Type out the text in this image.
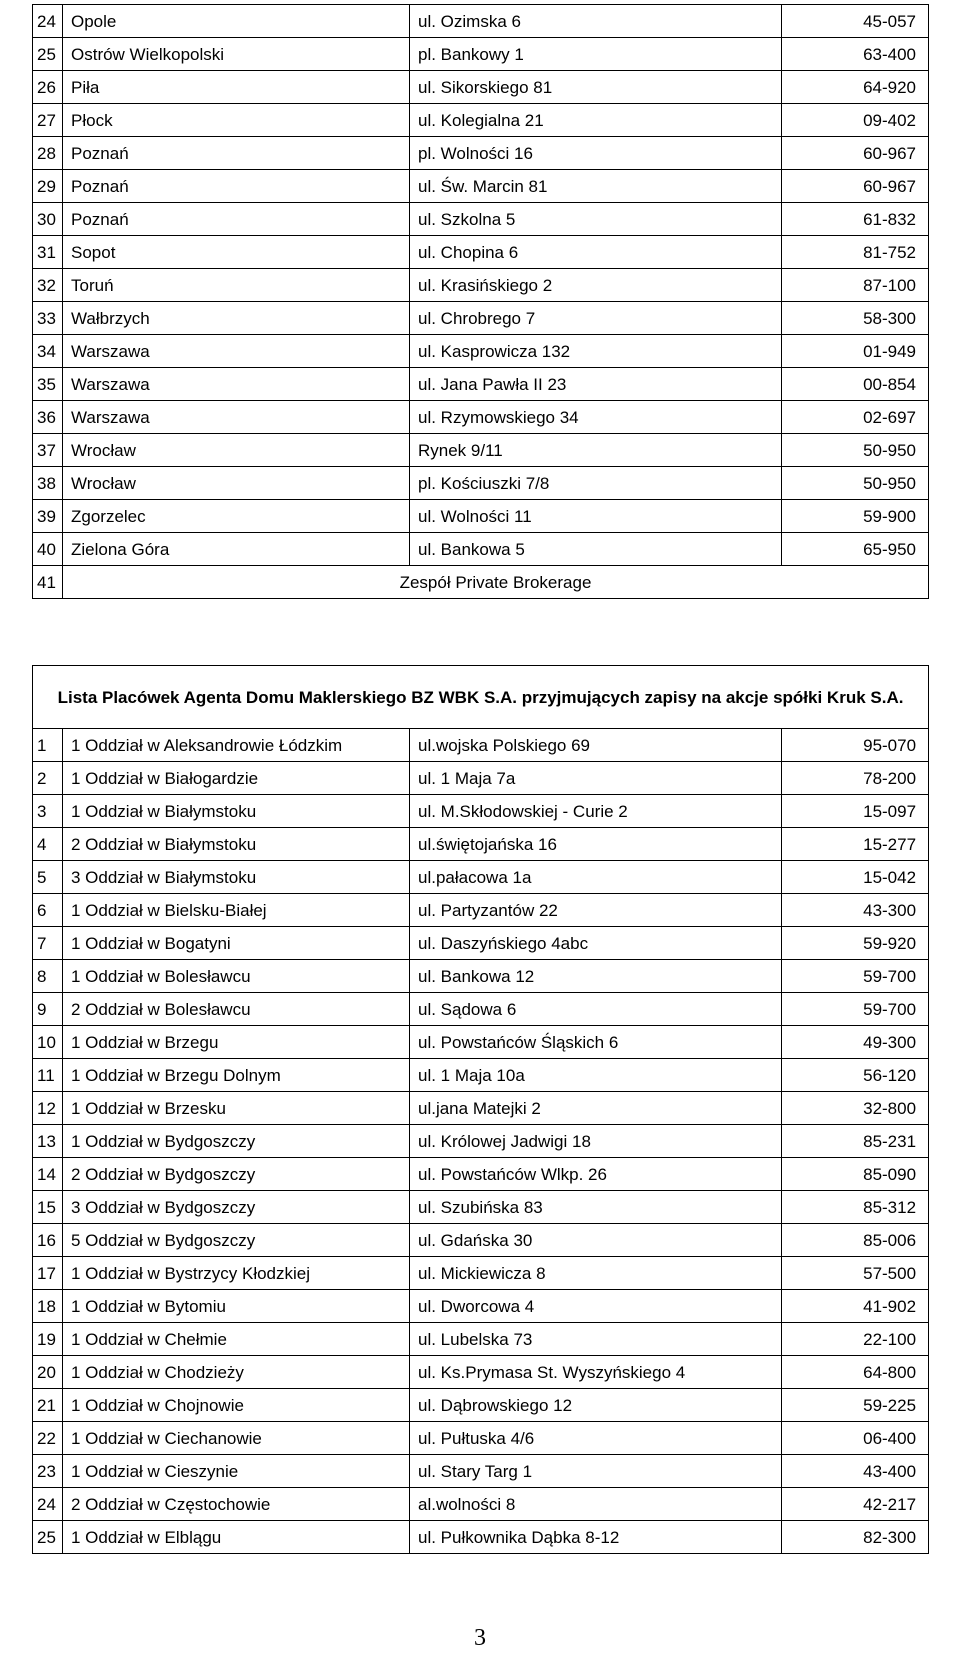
24	Opole	ul. Ozimska 6	45-057
25	Ostrów Wielkopolski	pl. Bankowy 1	63-400
26	Piła	ul. Sikorskiego 81	64-920
27	Płock	ul. Kolegialna 21	09-402
28	Poznań	pl. Wolności 16	60-967
29	Poznań	ul. Św. Marcin 81	60-967
30	Poznań	ul. Szkolna 5	61-832
31	Sopot	ul. Chopina 6	81-752
32	Toruń	ul. Krasińskiego 2	87-100
33	Wałbrzych	ul. Chrobrego 7	58-300
34	Warszawa	ul. Kasprowicza 132	01-949
35	Warszawa	ul. Jana Pawła II 23	00-854
36	Warszawa	ul. Rzymowskiego 34	02-697
37	Wrocław	Rynek 9/11	50-950
38	Wrocław	pl. Kościuszki 7/8	50-950
39	Zgorzelec	ul. Wolności 11	59-900
40	Zielona Góra	ul. Bankowa 5	65-950
41	Zespół Private Brokerage		
Lista Placówek Agenta Domu Maklerskiego BZ WBK S.A. przyjmujących zapisy na akcje spółki Kruk S.A.			
1	1 Oddział w Aleksandrowie Łódzkim	ul.wojska Polskiego 69	95-070
2	1 Oddział w Białogardzie	ul. 1 Maja 7a	78-200
3	1 Oddział w Białymstoku	ul. M.Skłodowskiej - Curie 2	15-097
4	2 Oddział w Białymstoku	ul.świętojańska 16	15-277
5	3 Oddział w Białymstoku	ul.pałacowa 1a	15-042
6	1 Oddział w Bielsku-Białej	ul. Partyzantów 22	43-300
7	1 Oddział w Bogatyni	ul. Daszyńskiego 4abc	59-920
8	1 Oddział w Bolesławcu	ul. Bankowa 12	59-700
9	2 Oddział w Bolesławcu	ul. Sądowa 6	59-700
10	1 Oddział w Brzegu	ul. Powstańców Śląskich 6	49-300
11	1 Oddział w Brzegu Dolnym	ul. 1 Maja 10a	56-120
12	1 Oddział w Brzesku	ul.jana Matejki 2	32-800
13	1 Oddział w Bydgoszczy	ul. Królowej Jadwigi 18	85-231
14	2 Oddział w Bydgoszczy	ul. Powstańców Wlkp. 26	85-090
15	3 Oddział w Bydgoszczy	ul. Szubińska 83	85-312
16	5 Oddział w Bydgoszczy	ul. Gdańska 30	85-006
17	1 Oddział w Bystrzycy Kłodzkiej	ul. Mickiewicza 8	57-500
18	1 Oddział w Bytomiu	ul. Dworcowa 4	41-902
19	1 Oddział w Chełmie	ul. Lubelska 73	22-100
20	1 Oddział w Chodzieży	ul. Ks.Prymasa St. Wyszyńskiego 4	64-800
21	1 Oddział w Chojnowie	ul. Dąbrowskiego 12	59-225
22	1 Oddział w Ciechanowie	ul. Pułtuska 4/6	06-400
23	1 Oddział w Cieszynie	ul. Stary Targ 1	43-400
24	2 Oddział w Częstochowie	al.wolności 8	42-217
25	1 Oddział w Elblągu	ul. Pułkownika Dąbka 8-12	82-300
3
